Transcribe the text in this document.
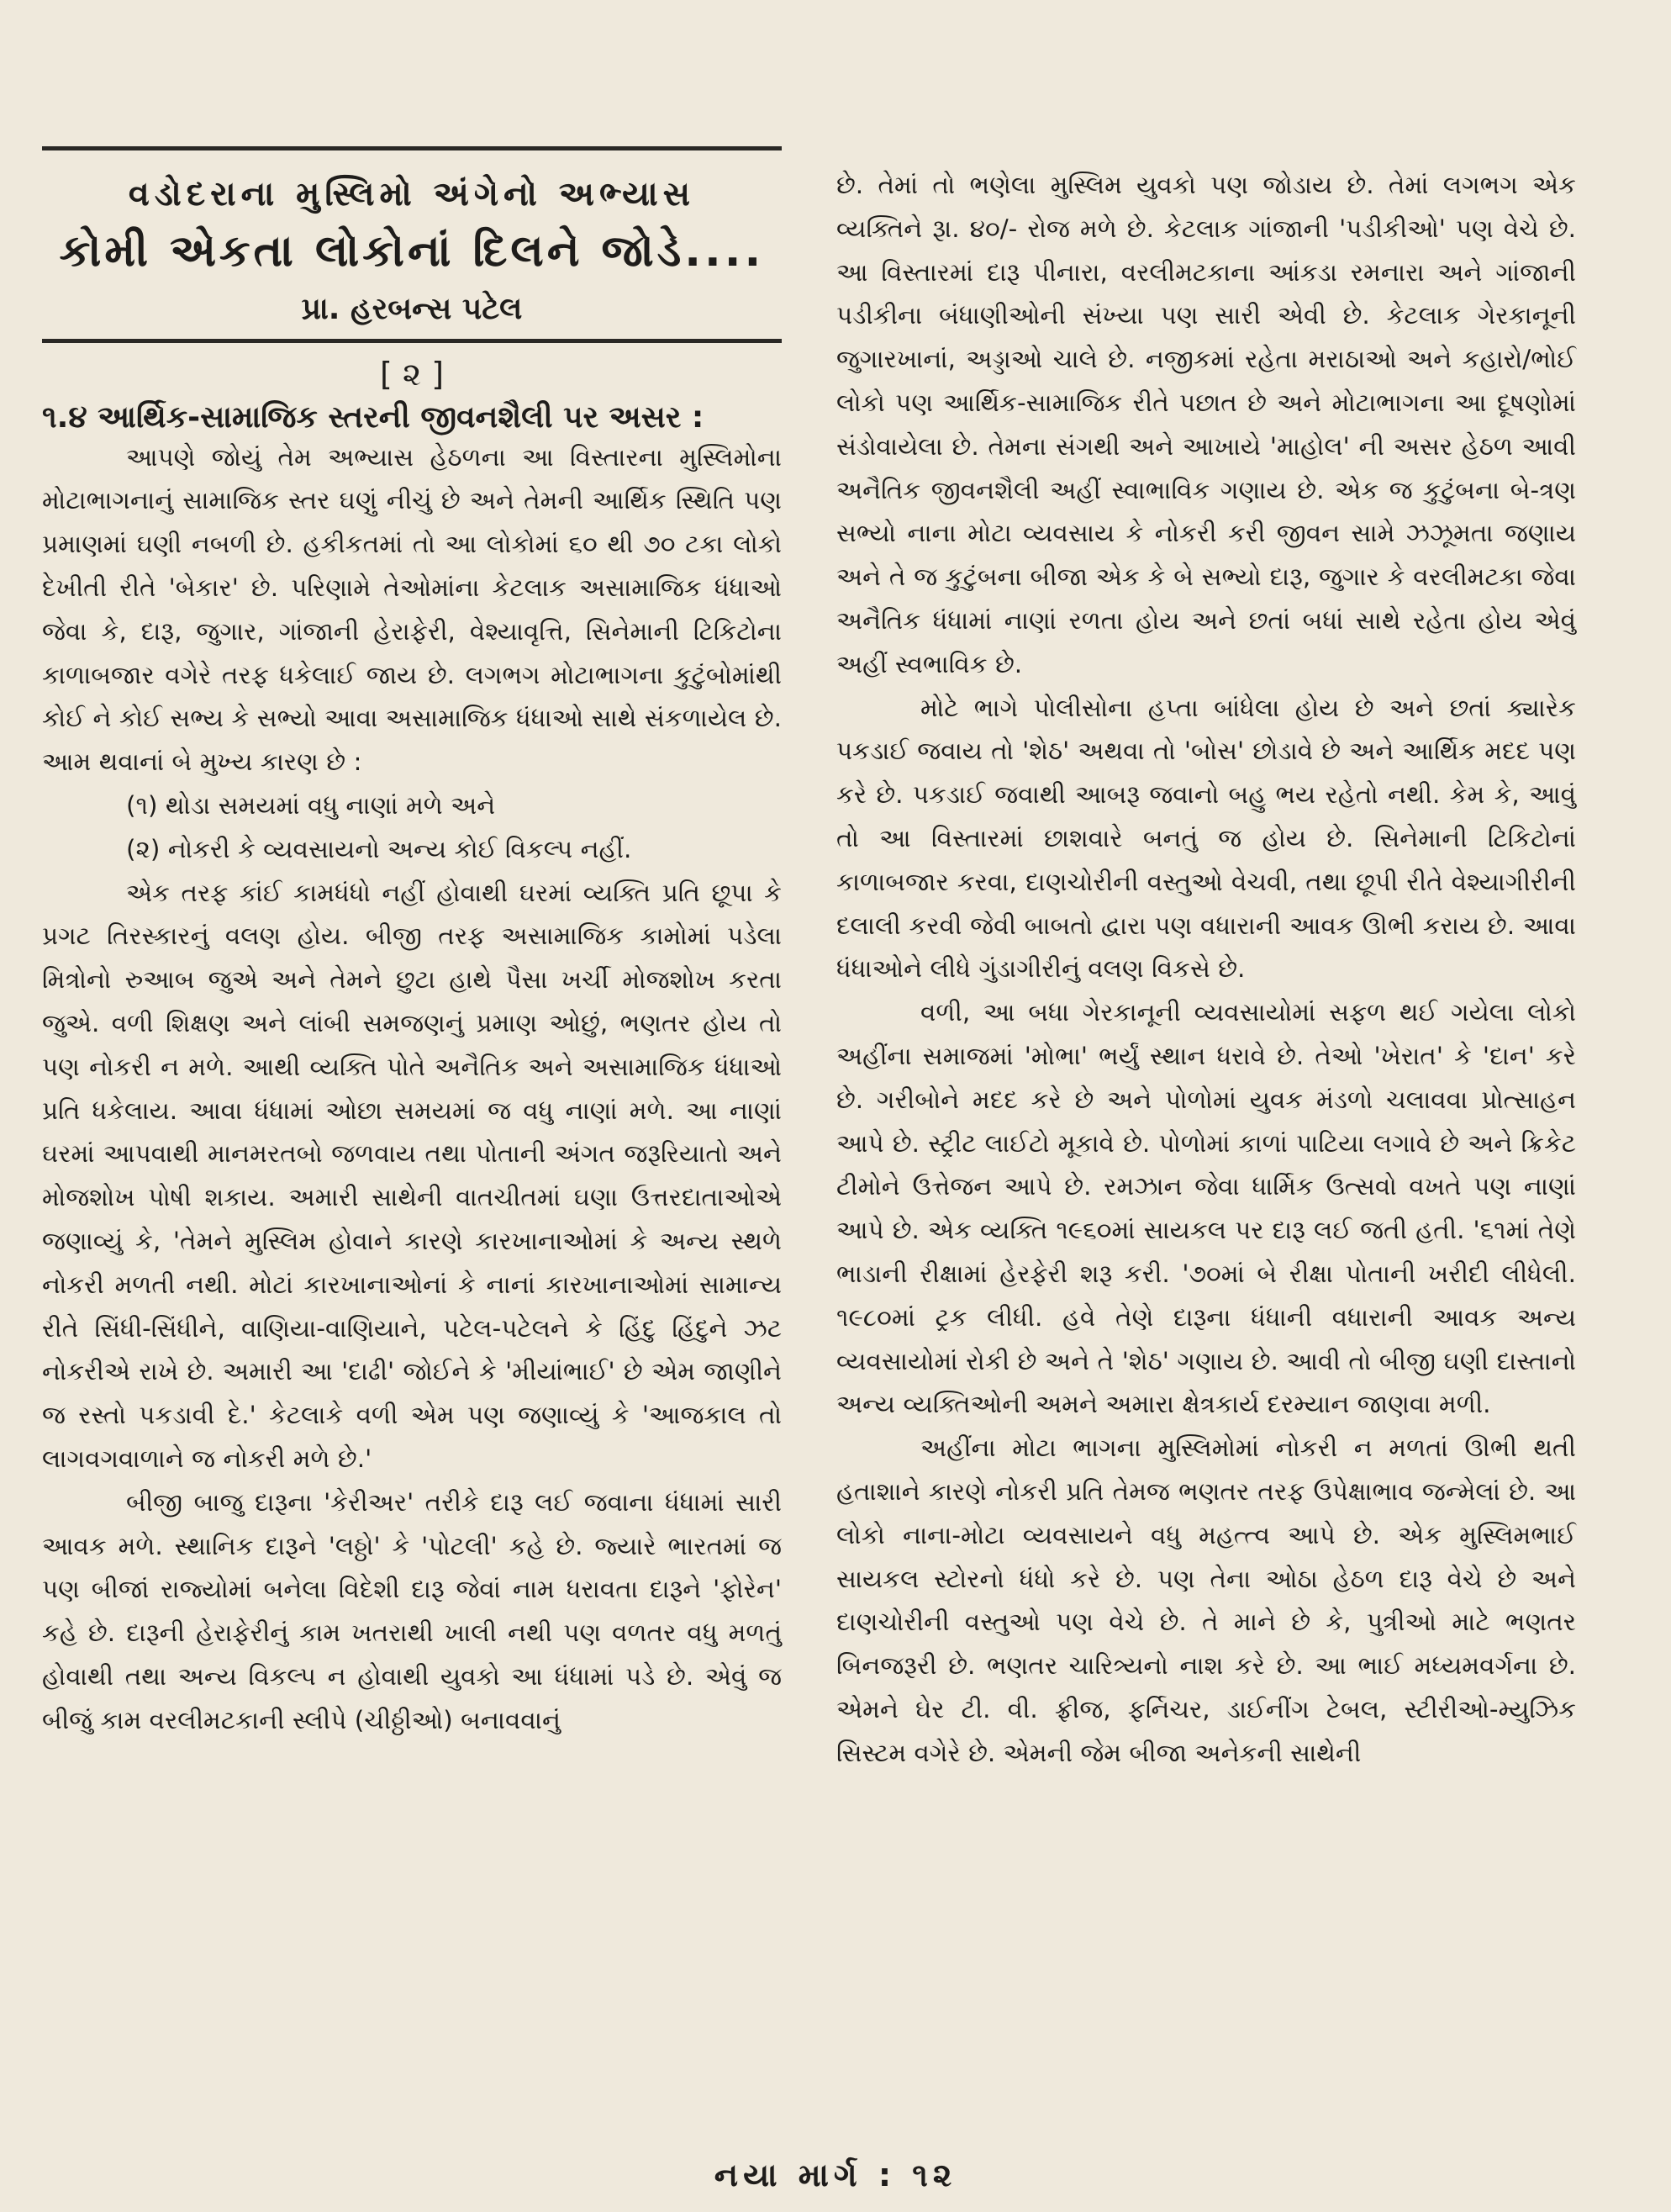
વડોદરાના મુસ્લિમો અંગેનો અભ્યાસ
કોમી એકતા લોકોનાં દિલને જોડે....
પ્રા. હરબન્સ પટેલ
[ ૨ ]
૧.૪ આર્થિક-સામાજિક સ્તરની જીવનશૈલી પર અસર :

આપણે જોયું તેમ અભ્યાસ હેઠળના આ વિસ્તારના મુસ્લિમોના મોટાભાગનાનું સામાજિક સ્તર ઘણું નીચું છે અને તેમની આર્થિક સ્થિતિ પણ પ્રમાણમાં ઘણી નબળી છે. હકીકતમાં તો આ લોકોમાં ૬૦ થી ૭૦ ટકા લોકો દેખીતી રીતે 'બેકાર' છે. પરિણામે તેઓમાંના કેટલાક અસામાજિક ધંધાઓ જેવા કે, દારૂ, જુગાર, ગાંજાની હેરાફેરી, વેશ્યાવૃત્તિ, સિનેમાની ટિકિટોના કાળાબજાર વગેરે તરફ ધકેલાઈ જાય છે. લગભગ મોટાભાગના કુટુંબોમાંથી કોઈ ને કોઈ સભ્ય કે સભ્યો આવા અસામાજિક ધંધાઓ સાથે સંકળાયેલ છે. આમ થવાનાં બે મુખ્ય કારણ છે :

(૧) થોડા સમયમાં વધુ નાણાં મળે અને
(૨) નોકરી કે વ્યવસાયનો અન્ય કોઈ વિકલ્પ નહીં.

એક તરફ કાંઈ કામધંધો નહીં હોવાથી ઘરમાં વ્યક્તિ પ્રતિ છૂપા કે પ્રગટ તિરસ્કારનું વલણ હોય. બીજી તરફ અસામાજિક કામોમાં પડેલા મિત્રોનો રુઆબ જુએ અને તેમને છુટા હાથે પૈસા ખર્ચી મોજશોખ કરતા જુએ. વળી શિક્ષણ અને લાંબી સમજણનું પ્રમાણ ઓછું, ભણતર હોય તો પણ નોકરી ન મળે. આથી વ્યક્તિ પોતે અનૈતિક અને અસામાજિક ધંધાઓ પ્રતિ ધકેલાય. આવા ધંધામાં ઓછા સમયમાં જ વધુ નાણાં મળે. આ નાણાં ઘરમાં આપવાથી માનમરતબો જળવાય તથા પોતાની અંગત જરૂરિયાતો અને મોજશોખ પોષી શકાય. અમારી સાથેની વાતચીતમાં ઘણા ઉત્તરદાતાઓએ જણાવ્યું કે, 'તેમને મુસ્લિમ હોવાને કારણે કારખાનાઓમાં કે અન્ય સ્થળે નોકરી મળતી નથી. મોટાં કારખાનાઓનાં કે નાનાં કારખાનાઓમાં સામાન્ય રીતે સિંધી-સિંધીને, વાણિયા-વાણિયાને, પટેલ-પટેલને કે હિંદુ હિંદુને ઝટ નોકરીએ રાખે છે. અમારી આ 'દાઢી' જોઈને કે 'મીયાંભાઈ' છે એમ જાણીને જ રસ્તો પકડાવી દે.' કેટલાકે વળી એમ પણ જણાવ્યું કે 'આજકાલ તો લાગવગવાળાને જ નોકરી મળે છે.'

બીજી બાજુ દારૂના 'કેરીઅર' તરીકે દારૂ લઈ જવાના ધંધામાં સારી આવક મળે. સ્થાનિક દારૂને 'લઠ્ઠો' કે 'પોટલી' કહે છે. જ્યારે ભારતમાં જ પણ બીજાં રાજ્યોમાં બનેલા વિદેશી દારૂ જેવાં નામ ધરાવતા દારૂને 'ફોરેન' કહે છે. દારૂની હેરાફેરીનું કામ ખતરાથી ખાલી નથી પણ વળતર વધુ મળતું હોવાથી તથા અન્ય વિકલ્પ ન હોવાથી યુવકો આ ધંધામાં પડે છે. એવું જ બીજું કામ વરલીમટકાની સ્લીપે (ચીઠ્ઠીઓ) બનાવવાનું

છે. તેમાં તો ભણેલા મુસ્લિમ યુવકો પણ જોડાય છે. તેમાં લગભગ એક વ્યક્તિને રૂા. ૪૦/- રોજ મળે છે. કેટલાક ગાંજાની 'પડીકીઓ' પણ વેચે છે. આ વિસ્તારમાં દારૂ પીનારા, વરલીમટકાના આંકડા રમનારા અને ગાંજાની પડીકીના બંધાણીઓની સંખ્યા પણ સારી એવી છે. કેટલાક ગેરકાનૂની જુગારખાનાં, અડ્ડાઓ ચાલે છે. નજીકમાં રહેતા મરાઠાઓ અને કહારો/ભોઈ લોકો પણ આર્થિક-સામાજિક રીતે પછાત છે અને મોટાભાગના આ દૂષણોમાં સંડોવાયેલા છે. તેમના સંગથી અને આખાયે 'માહોલ' ની અસર હેઠળ આવી અનૈતિક જીવનશૈલી અહીં સ્વાભાવિક ગણાય છે. એક જ કુટુંબના બે-ત્રણ સભ્યો નાના મોટા વ્યવસાય કે નોકરી કરી જીવન સામે ઝઝૂમતા જણાય અને તે જ કુટુંબના બીજા એક કે બે સભ્યો દારૂ, જુગાર કે વરલીમટકા જેવા અનૈતિક ધંધામાં નાણાં રળતા હોય અને છતાં બધાં સાથે રહેતા હોય એવું અહીં સ્વભાવિક છે.

મોટે ભાગે પોલીસોના હપ્તા બાંધેલા હોય છે અને છતાં ક્યારેક પકડાઈ જવાય તો 'શેઠ' અથવા તો 'બોસ' છોડાવે છે અને આર્થિક મદદ પણ કરે છે. પકડાઈ જવાથી આબરૂ જવાનો બહુ ભય રહેતો નથી. કેમ કે, આવું તો આ વિસ્તારમાં છાશવારે બનતું જ હોય છે. સિનેમાની ટિકિટોનાં કાળાબજાર કરવા, દાણચોરીની વસ્તુઓ વેચવી, તથા છૂપી રીતે વેશ્યાગીરીની દલાલી કરવી જેવી બાબતો દ્વારા પણ વધારાની આવક ઊભી કરાય છે. આવા ધંધાઓને લીધે ગુંડાગીરીનું વલણ વિકસે છે.

વળી, આ બધા ગેરકાનૂની વ્યવસાયોમાં સફળ થઈ ગયેલા લોકો અહીંના સમાજમાં 'મોભા' ભર્યું સ્થાન ધરાવે છે. તેઓ 'ખેરાત' કે 'દાન' કરે છે. ગરીબોને મદદ કરે છે અને પોળોમાં યુવક મંડળો ચલાવવા પ્રોત્સાહન આપે છે. સ્ટ્રીટ લાઈટો મૂકાવે છે. પોળોમાં કાળાં પાટિયા લગાવે છે અને ક્રિકેટ ટીમોને ઉત્તેજન આપે છે. રમઝાન જેવા ધાર્મિક ઉત્સવો વખતે પણ નાણાં આપે છે. એક વ્યક્તિ ૧૯૬૦માં સાયકલ પર દારૂ લઈ જતી હતી. '૬૧માં તેણે ભાડાની રીક્ષામાં હેરફેરી શરૂ કરી. '૭૦માં બે રીક્ષા પોતાની ખરીદી લીધેલી. ૧૯૮૦માં ટ્રક લીધી. હવે તેણે દારૂના ધંધાની વધારાની આવક અન્ય વ્યવસાયોમાં રોકી છે અને તે 'શેઠ' ગણાય છે. આવી તો બીજી ઘણી દાસ્તાનો અન્ય વ્યક્તિઓની અમને અમારા ક્ષેત્રકાર્ય દરમ્યાન જાણવા મળી.

અહીંના મોટા ભાગના મુસ્લિમોમાં નોકરી ન મળતાં ઊભી થતી હતાશાને કારણે નોકરી પ્રતિ તેમજ ભણતર તરફ ઉપેક્ષાભાવ જન્મેલાં છે. આ લોકો નાના-મોટા વ્યવસાયને વધુ મહત્ત્વ આપે છે. એક મુસ્લિમભાઈ સાયકલ સ્ટોરનો ધંધો કરે છે. પણ તેના ઓઠા હેઠળ દારૂ વેચે છે અને દાણચોરીની વસ્તુઓ પણ વેચે છે. તે માને છે કે, પુત્રીઓ માટે ભણતર બિનજરૂરી છે. ભણતર ચારિત્ર્યનો નાશ કરે છે. આ ભાઈ મધ્યમવર્ગના છે. એમને ઘેર ટી. વી. ફ્રીજ, ફર્નિચર, ડાઈનીંગ ટેબલ, સ્ટીરીઓ-મ્યુઝિક સિસ્ટમ વગેરે છે. એમની જેમ બીજા અનેકની સાથેની

નયા માર્ગ : ૧૨
